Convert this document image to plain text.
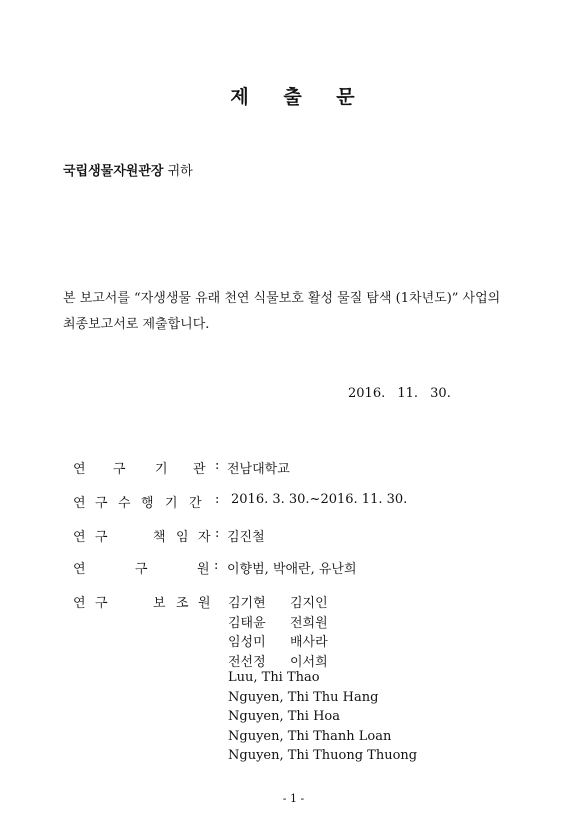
제 출 문
국립생물자원관장 귀하
본 보고서를 “자생생물 유래 천연 식물보호 활성 물질 탐색 (1차년도)” 사업의 최종보고서로 제출합니다.
2016. 11. 30.
연 구 기 관 : 전남대학교
연 구 수 행 기 간 : 2016. 3. 30.~2016. 11. 30.
연 구	책 임 자 : 김진철
연	구	원 : 이향범, 박애란, 유난희
연 구	보 조 원 김기현 김지인
김태윤 전희원
임성미 배사라
전선정 이서희
Luu, Thi Thao
Nguyen, Thi Thu Hang
Nguyen, Thi Hoa
Nguyen, Thi Thanh Loan
Nguyen, Thi Thuong Thuong
- 1 -
